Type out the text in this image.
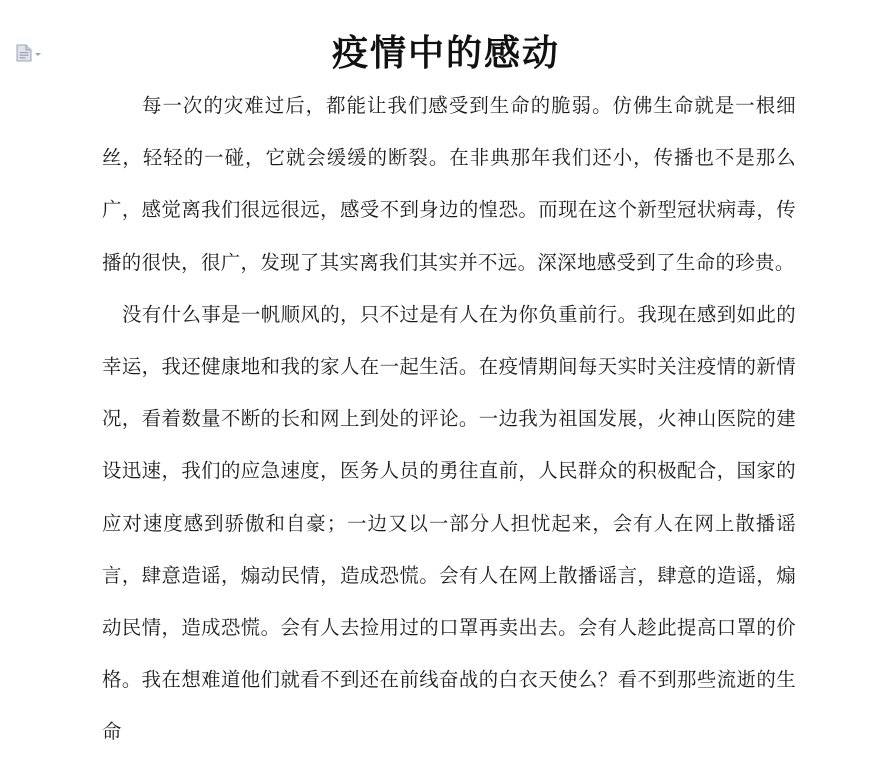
疫情中的感动

每一次的灾难过后，都能让我们感受到生命的脆弱。仿佛生命就是一根细丝，轻轻的一碰，它就会缓缓的断裂。在非典那年我们还小，传播也不是那么广，感觉离我们很远很远，感受不到身边的惶恐。而现在这个新型冠状病毒，传播的很快，很广，发现了其实离我们其实并不远。深深地感受到了生命的珍贵。

没有什么事是一帆顺风的，只不过是有人在为你负重前行。我现在感到如此的幸运，我还健康地和我的家人在一起生活。在疫情期间每天实时关注疫情的新情况，看着数量不断的长和网上到处的评论。一边我为祖国发展，火神山医院的建设迅速，我们的应急速度，医务人员的勇往直前，人民群众的积极配合，国家的应对速度感到骄傲和自豪；一边又以一部分人担忧起来，会有人在网上散播谣言，肆意造谣，煽动民情，造成恐慌。会有人在网上散播谣言，肆意的造谣，煽动民情，造成恐慌。会有人去捡用过的口罩再卖出去。会有人趁此提高口罩的价格。我在想难道他们就看不到还在前线奋战的白衣天使么？看不到那些流逝的生命
